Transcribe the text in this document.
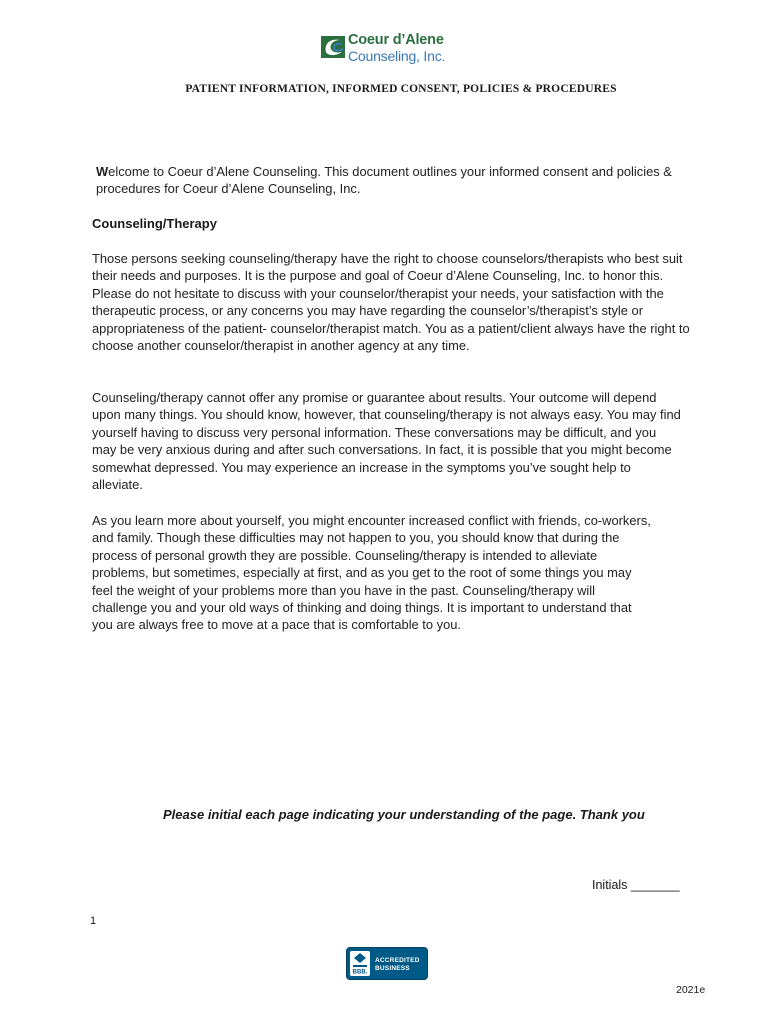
Coeur d’Alene
Counseling, Inc.
PATIENT INFORMATION, INFORMED CONSENT, POLICIES & PROCEDURES
Welcome to Coeur d’Alene Counseling. This document outlines your informed consent and policies & procedures for Coeur d’Alene Counseling, Inc.
Counseling/Therapy
Those persons seeking counseling/therapy have the right to choose counselors/therapists who best suit their needs and purposes. It is the purpose and goal of Coeur d’Alene Counseling, Inc. to honor this. Please do not hesitate to discuss with your counselor/therapist your needs, your satisfaction with the therapeutic process, or any concerns you may have regarding the counselor’s/therapist’s style or appropriateness of the patient- counselor/therapist match. You as a patient/client always have the right to choose another counselor/therapist in another agency at any time.
Counseling/therapy cannot offer any promise or guarantee about results. Your outcome will depend upon many things. You should know, however, that counseling/therapy is not always easy. You may find yourself having to discuss very personal information. These conversations may be difficult, and you may be very anxious during and after such conversations. In fact, it is possible that you might become somewhat depressed. You may experience an increase in the symptoms you’ve sought help to alleviate.
As you learn more about yourself, you might encounter increased conflict with friends, co-workers, and family. Though these difficulties may not happen to you, you should know that during the process of personal growth they are possible. Counseling/therapy is intended to alleviate problems, but sometimes, especially at first, and as you get to the root of some things you may feel the weight of your problems more than you have in the past. Counseling/therapy will challenge you and your old ways of thinking and doing things. It is important to understand that you are always free to move at a pace that is comfortable to you.
Please initial each page indicating your understanding of the page. Thank you
Initials _______
1
BBB.
ACCREDITED
BUSINESS
2021e
